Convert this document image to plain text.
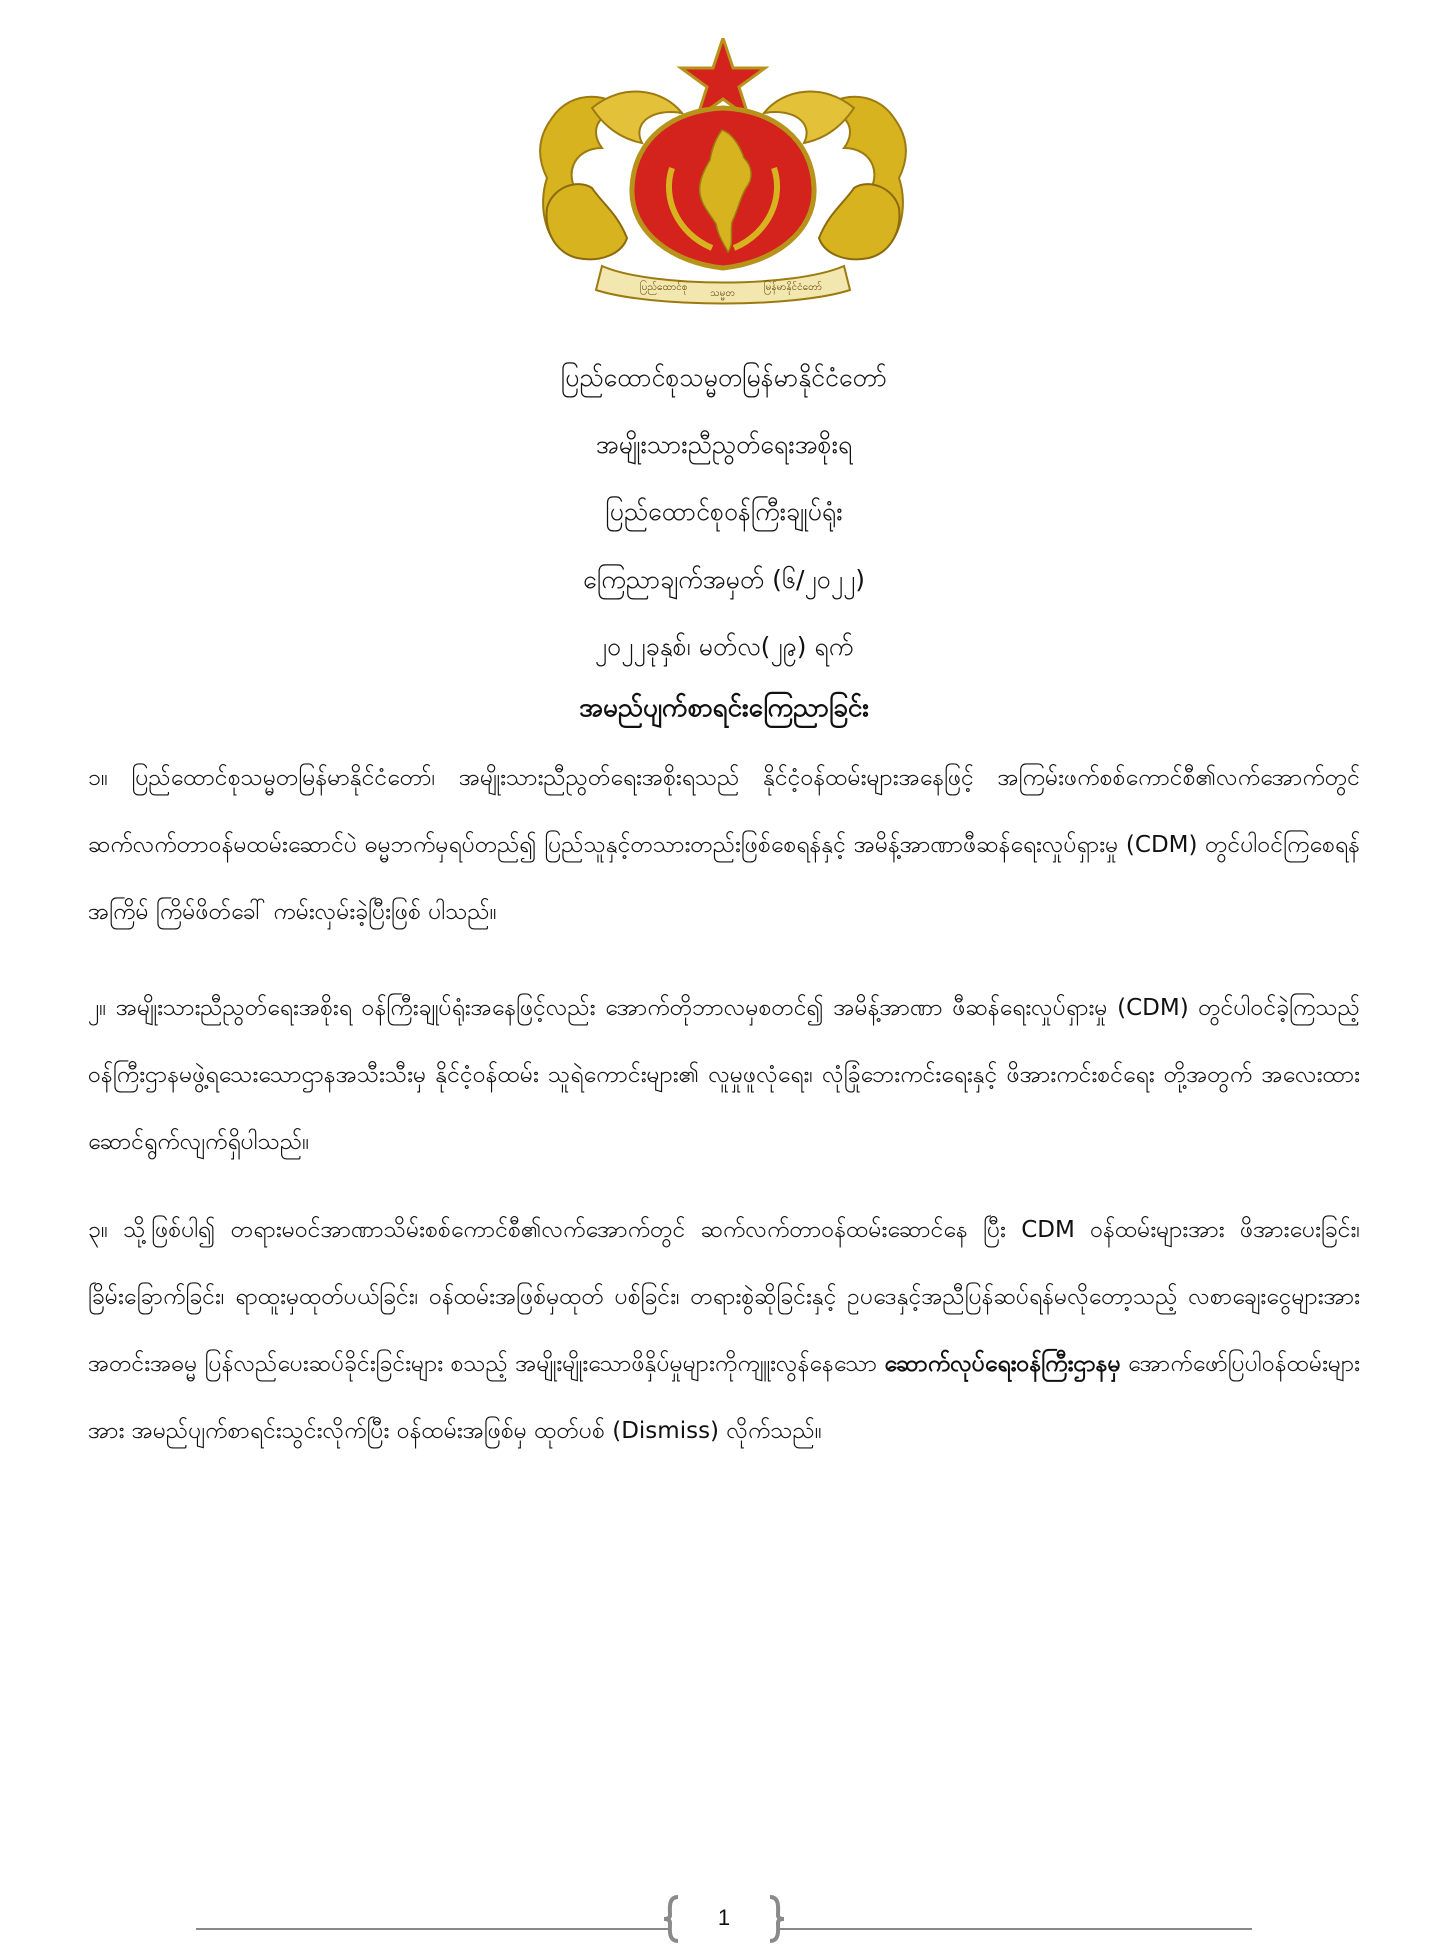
ပြည်ထောင်စု
သမ္မတ
မြန်မာနိုင်ငံတော်
ပြည်ထောင်စုသမ္မတမြန်မာနိုင်ငံတော်
အမျိုးသားညီညွတ်ရေးအစိုးရ
ပြည်ထောင်စုဝန်ကြီးချုပ်ရုံး
ကြေညာချက်အမှတ် (၆/၂၀၂၂)
၂၀၂၂ခုနှစ်၊ မတ်လ(၂၉) ရက်
အမည်ပျက်စာရင်းကြေညာခြင်း

၁။ ပြည်ထောင်စုသမ္မတမြန်မာနိုင်ငံတော်၊ အမျိုးသားညီညွတ်ရေးအစိုးရသည် နိုင်ငံ့ဝန်ထမ်းများအနေဖြင့် အကြမ်းဖက်စစ်ကောင်စီ၏လက်အောက်တွင် ဆက်လက်တာဝန်မထမ်းဆောင်ပဲ ဓမ္မဘက်မှရပ်တည်၍ ပြည်သူနှင့်တသားတည်းဖြစ်စေရန်နှင့် အမိန့်အာဏာဖီဆန်ရေးလှုပ်ရှားမှု (CDM) တွင်ပါဝင်ကြစေရန် အကြိမ် ကြိမ်ဖိတ်ခေါ် ကမ်းလှမ်းခဲ့ပြီးဖြစ် ပါသည်။

၂။ အမျိုးသားညီညွတ်ရေးအစိုးရ ဝန်ကြီးချုပ်ရုံးအနေဖြင့်လည်း အောက်တိုဘာလမှစတင်၍ အမိန့်အာဏာ ဖီဆန်ရေးလှုပ်ရှားမှု (CDM) တွင်ပါဝင်ခဲ့ကြသည့် ဝန်ကြီးဌာနမဖွဲ့ရသေးသောဌာနအသီးသီးမှ နိုင်ငံ့ဝန်ထမ်း သူရဲကောင်းများ၏ လူမှုဖူလုံရေး၊ လုံခြုံဘေးကင်းရေးနှင့် ဖိအားကင်းစင်ရေး တို့အတွက် အလေးထား ဆောင်ရွက်လျက်ရှိပါသည်။

၃။ သို့ဖြစ်ပါ၍ တရားမဝင်အာဏာသိမ်းစစ်ကောင်စီ၏လက်အောက်တွင် ဆက်လက်တာဝန်ထမ်းဆောင်နေ ပြီး CDM ဝန်ထမ်းများအား ဖိအားပေးခြင်း၊ ခြိမ်းခြောက်ခြင်း၊ ရာထူးမှထုတ်ပယ်ခြင်း၊ ဝန်ထမ်းအဖြစ်မှထုတ် ပစ်ခြင်း၊ တရားစွဲဆိုခြင်းနှင့် ဥပဒေနှင့်အညီပြန်ဆပ်ရန်မလိုတော့သည့် လစာချေးငွေများအား အတင်းအဓမ္မ ပြန်လည်ပေးဆပ်ခိုင်းခြင်းများ စသည့် အမျိုးမျိုးသောဖိနှိပ်မှုများကိုကျူးလွန်နေသော ဆောက်လုပ်ရေးဝန်ကြီးဌာနမှ အောက်ဖော်ပြပါဝန်ထမ်းများအား အမည်ပျက်စာရင်းသွင်းလိုက်ပြီး ဝန်ထမ်းအဖြစ်မှ ထုတ်ပစ် (Dismiss) လိုက်သည်။

1
